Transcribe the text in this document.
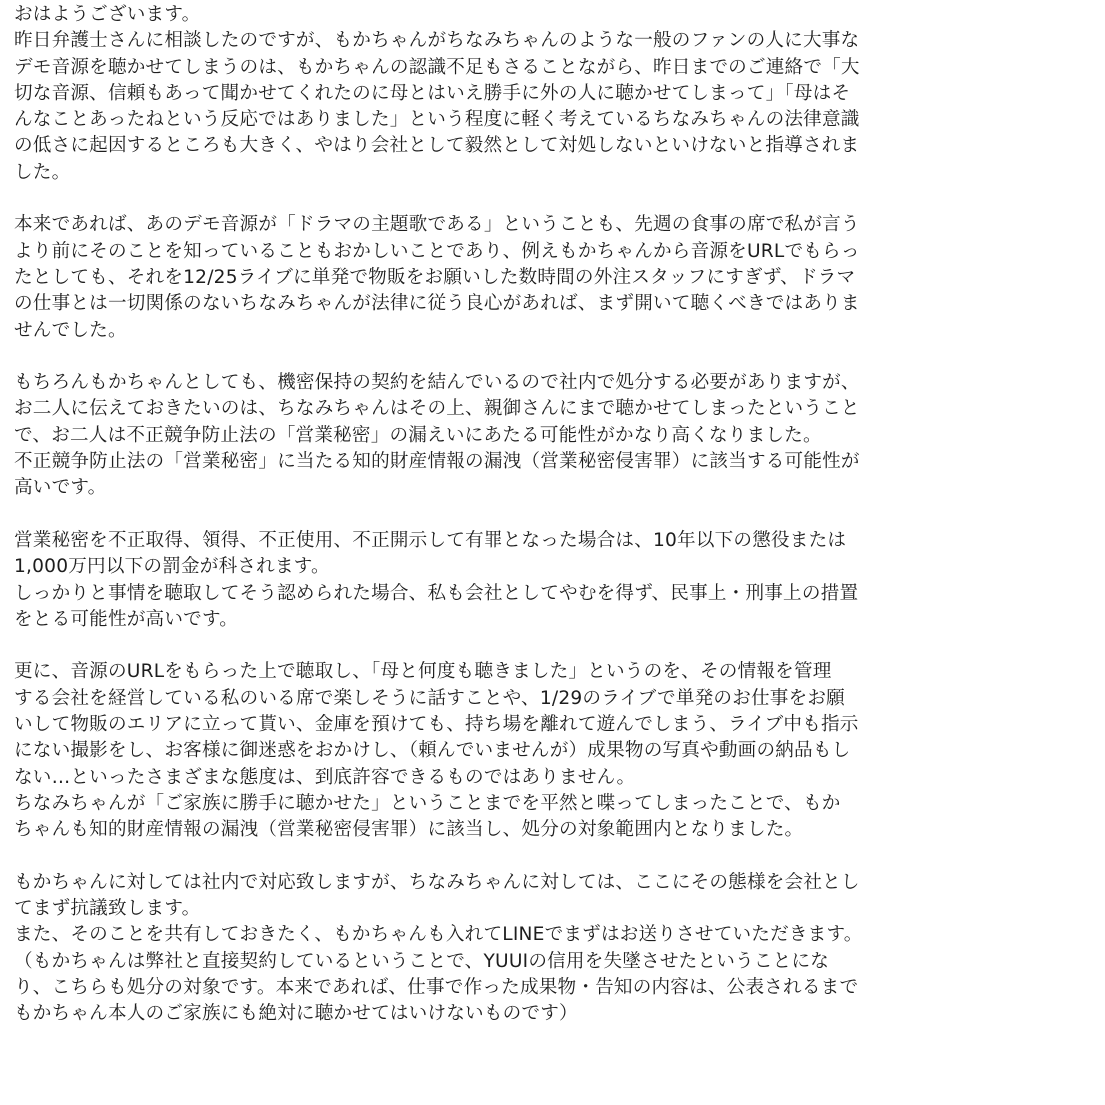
おはようございます。
昨日弁護士さんに相談したのですが、もかちゃんがちなみちゃんのような一般のファンの人に大事な
デモ音源を聴かせてしまうのは、もかちゃんの認識不足もさることながら、昨日までのご連絡で「大
切な音源、信頼もあって聞かせてくれたのに母とはいえ勝手に外の人に聴かせてしまって」「母はそ
んなことあったねという反応ではありました」という程度に軽く考えているちなみちゃんの法律意識
の低さに起因するところも大きく、やはり会社として毅然として対処しないといけないと指導されま
した。
本来であれば、あのデモ音源が「ドラマの主題歌である」ということも、先週の食事の席で私が言う
より前にそのことを知っていることもおかしいことであり、例えもかちゃんから音源をURLでもらっ
たとしても、それを12/25ライブに単発で物販をお願いした数時間の外注スタッフにすぎず、ドラマ
の仕事とは一切関係のないちなみちゃんが法律に従う良心があれば、まず開いて聴くべきではありま
せんでした。
もちろんもかちゃんとしても、機密保持の契約を結んでいるので社内で処分する必要がありますが、
お二人に伝えておきたいのは、ちなみちゃんはその上、親御さんにまで聴かせてしまったということ
で、お二人は不正競争防止法の「営業秘密」の漏えいにあたる可能性がかなり高くなりました。
不正競争防止法の「営業秘密」に当たる知的財産情報の漏洩（営業秘密侵害罪）に該当する可能性が
高いです。
営業秘密を不正取得、領得、不正使用、不正開示して有罪となった場合は、10年以下の懲役または
1,000万円以下の罰金が科されます。
しっかりと事情を聴取してそう認められた場合、私も会社としてやむを得ず、民事上・刑事上の措置
をとる可能性が高いです。
更に、音源のURLをもらった上で聴取し、「母と何度も聴きました」というのを、その情報を管理
する会社を経営している私のいる席で楽しそうに話すことや、1/29のライブで単発のお仕事をお願
いして物販のエリアに立って貰い、金庫を預けても、持ち場を離れて遊んでしまう、ライブ中も指示
にない撮影をし、お客様に御迷惑をおかけし、（頼んでいませんが）成果物の写真や動画の納品もし
ない…といったさまざまな態度は、到底許容できるものではありません。
ちなみちゃんが「ご家族に勝手に聴かせた」ということまでを平然と喋ってしまったことで、もか
ちゃんも知的財産情報の漏洩（営業秘密侵害罪）に該当し、処分の対象範囲内となりました。
もかちゃんに対しては社内で対応致しますが、ちなみちゃんに対しては、ここにその態様を会社とし
てまず抗議致します。
また、そのことを共有しておきたく、もかちゃんも入れてLINEでまずはお送りさせていただきます。
（もかちゃんは弊社と直接契約しているということで、YUUIの信用を失墜させたということにな
り、こちらも処分の対象です。本来であれば、仕事で作った成果物・告知の内容は、公表されるまで
もかちゃん本人のご家族にも絶対に聴かせてはいけないものです）
